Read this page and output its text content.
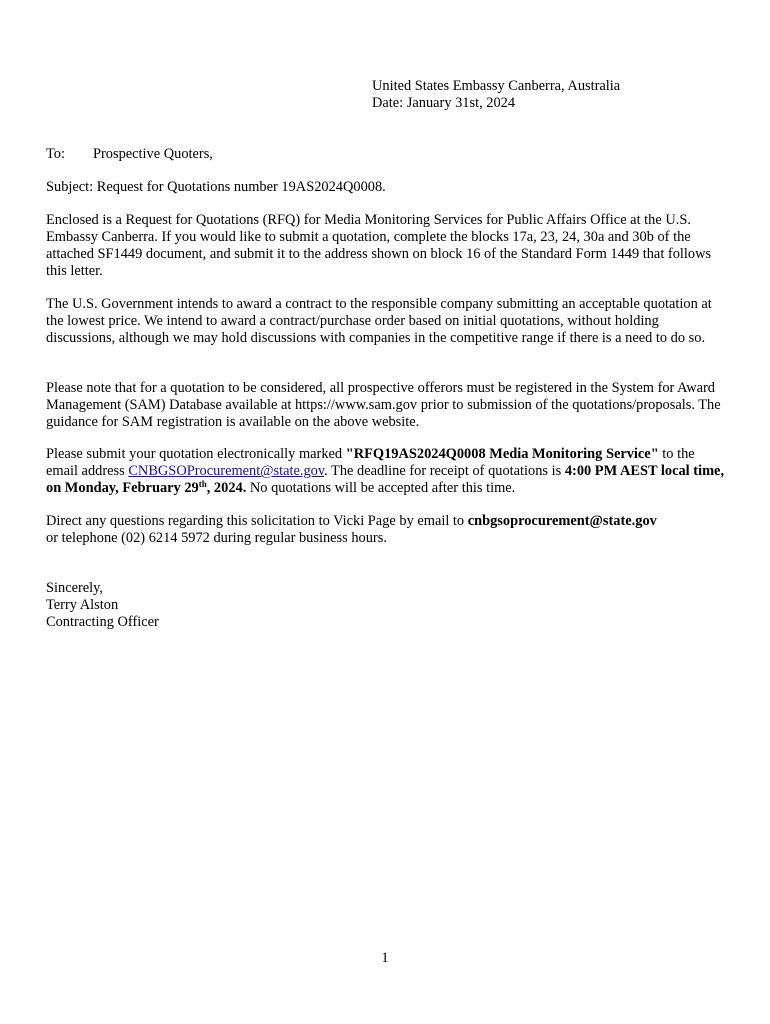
United States Embassy Canberra, Australia
Date: January 31st, 2024
To: Prospective Quoters,
Subject: Request for Quotations number 19AS2024Q0008.
Enclosed is a Request for Quotations (RFQ) for Media Monitoring Services for Public Affairs Office at the U.S. Embassy Canberra. If you would like to submit a quotation, complete the blocks 17a, 23, 24, 30a and 30b of the attached SF1449 document, and submit it to the address shown on block 16 of the Standard Form 1449 that follows this letter.
The U.S. Government intends to award a contract to the responsible company submitting an acceptable quotation at the lowest price. We intend to award a contract/purchase order based on initial quotations, without holding discussions, although we may hold discussions with companies in the competitive range if there is a need to do so.
Please note that for a quotation to be considered, all prospective offerors must be registered in the System for Award Management (SAM) Database available at https://www.sam.gov prior to submission of the quotations/proposals. The guidance for SAM registration is available on the above website.
Please submit your quotation electronically marked "RFQ19AS2024Q0008 Media Monitoring Service" to the email address CNBGSOProcurement@state.gov. The deadline for receipt of quotations is 4:00 PM AEST local time, on Monday, February 29th, 2024. No quotations will be accepted after this time.
Direct any questions regarding this solicitation to Vicki Page by email to cnbgsoprocurement@state.gov
or telephone (02) 6214 5972 during regular business hours.
Sincerely,
Terry Alston
Contracting Officer
1
